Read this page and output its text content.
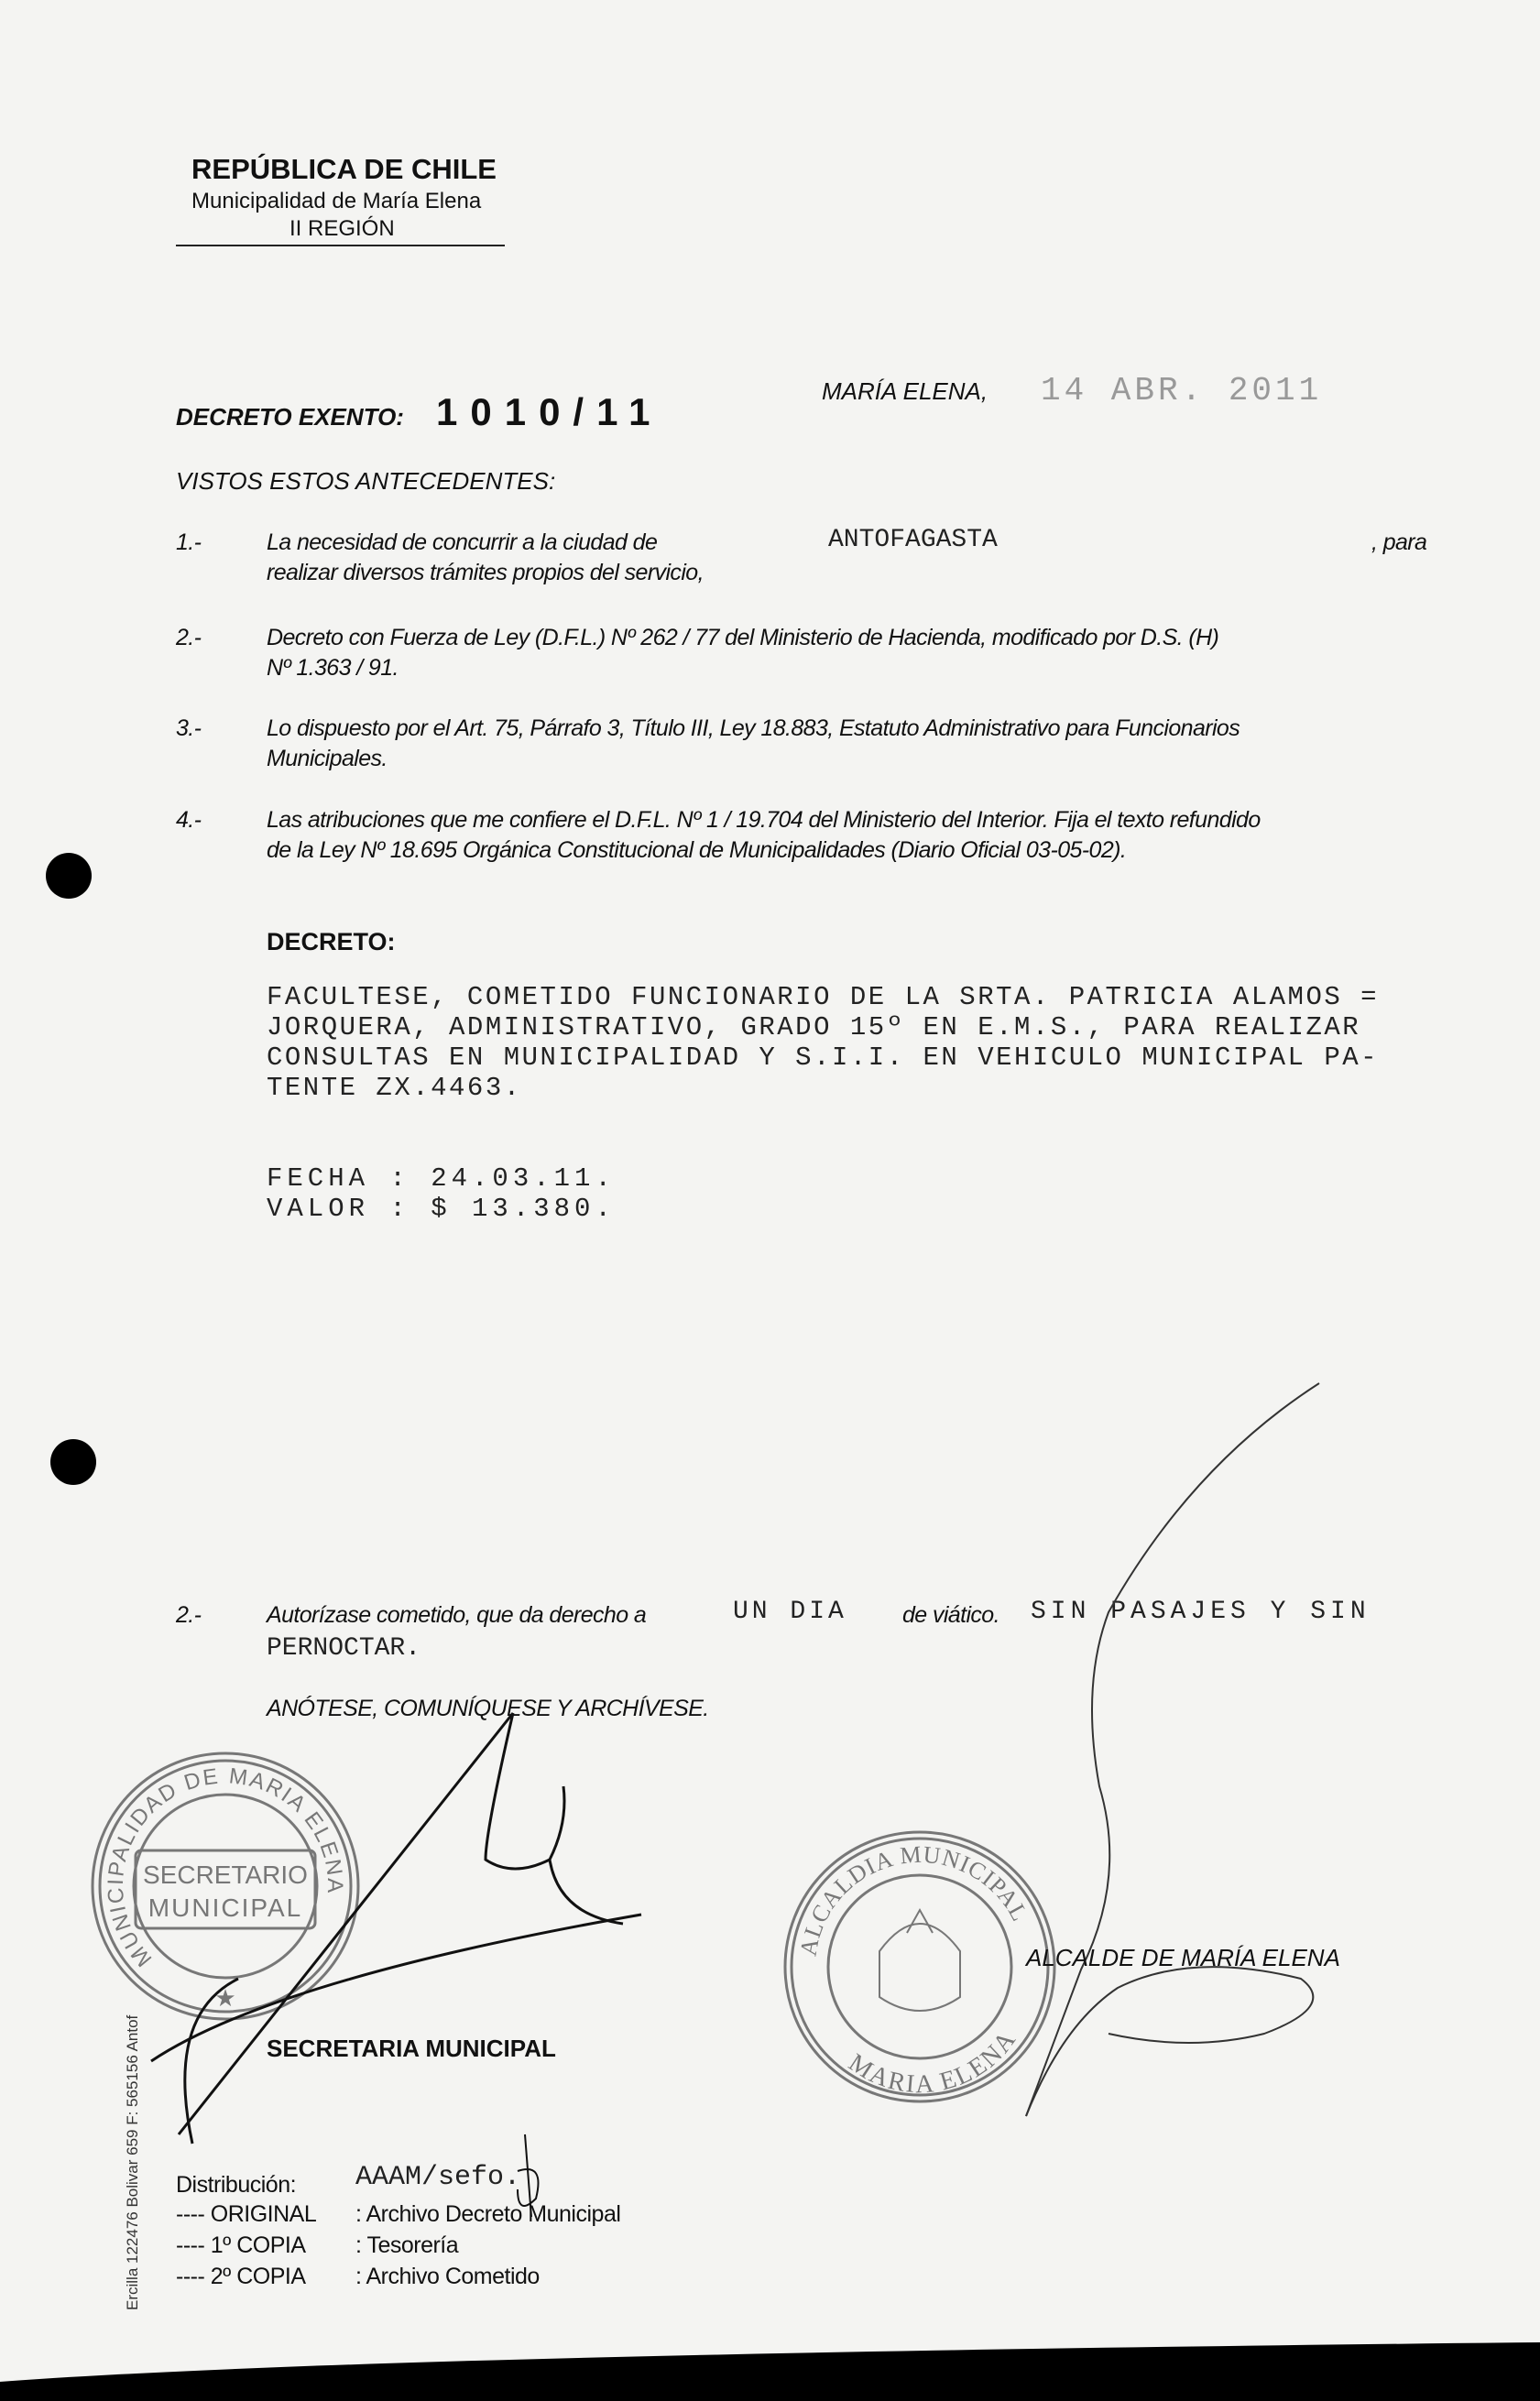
REPÚBLICA DE CHILE
Municipalidad de María Elena
II REGIÓN
DECRETO EXENTO: 1010/11	MARÍA ELENA, 14 ABR. 2011
VISTOS ESTOS ANTECEDENTES:
1.-	La necesidad de concurrir a la ciudad de	ANTOFAGASTA	, para
realizar diversos trámites propios del servicio,
2.-	Decreto con Fuerza de Ley (D.F.L.) Nº 262 / 77 del Ministerio de Hacienda, modificado por D.S. (H)
Nº 1.363 / 91.
3.-	Lo dispuesto por el Art. 75, Párrafo 3, Título III, Ley 18.883, Estatuto Administrativo para Funcionarios
Municipales.
4.-	Las atribuciones que me confiere el D.F.L. Nº 1 / 19.704 del Ministerio del Interior. Fija el texto refundido
de la Ley Nº 18.695 Orgánica Constitucional de Municipalidades (Diario Oficial 03-05-02).
DECRETO:
FACULTESE, COMETIDO FUNCIONARIO DE LA SRTA. PATRICIA ALAMOS =
JORQUERA, ADMINISTRATIVO, GRADO 15º EN E.M.S., PARA REALIZAR
CONSULTAS EN MUNICIPALIDAD Y S.I.I. EN VEHICULO MUNICIPAL PA-
TENTE ZX.4463.
FECHA : 24.03.11.
VALOR : $ 13.380.
2.-	Autorízase cometido, que da derecho a	UN DIA de viático. SIN PASAJES Y SIN
PERNOCTAR.
ANÓTESE, COMUNÍQUESE Y ARCHÍVESE.
MUNICIPALIDAD DE MARIA ELENA
SECRETARIO
MUNICIPAL
★
ALCALDIA MUNICIPAL
MARIA ELENA
Ercilla 122476 Bolivar 659 F: 565156 Antof	SECRETARIA MUNICIPAL
ALCALDE DE MARÍA ELENA
Distribución: AAAM/sefo.
---- ORIGINAL : Archivo Decreto Municipal
---- 1º COPIA : Tesorería
---- 2º COPIA : Archivo Cometido
